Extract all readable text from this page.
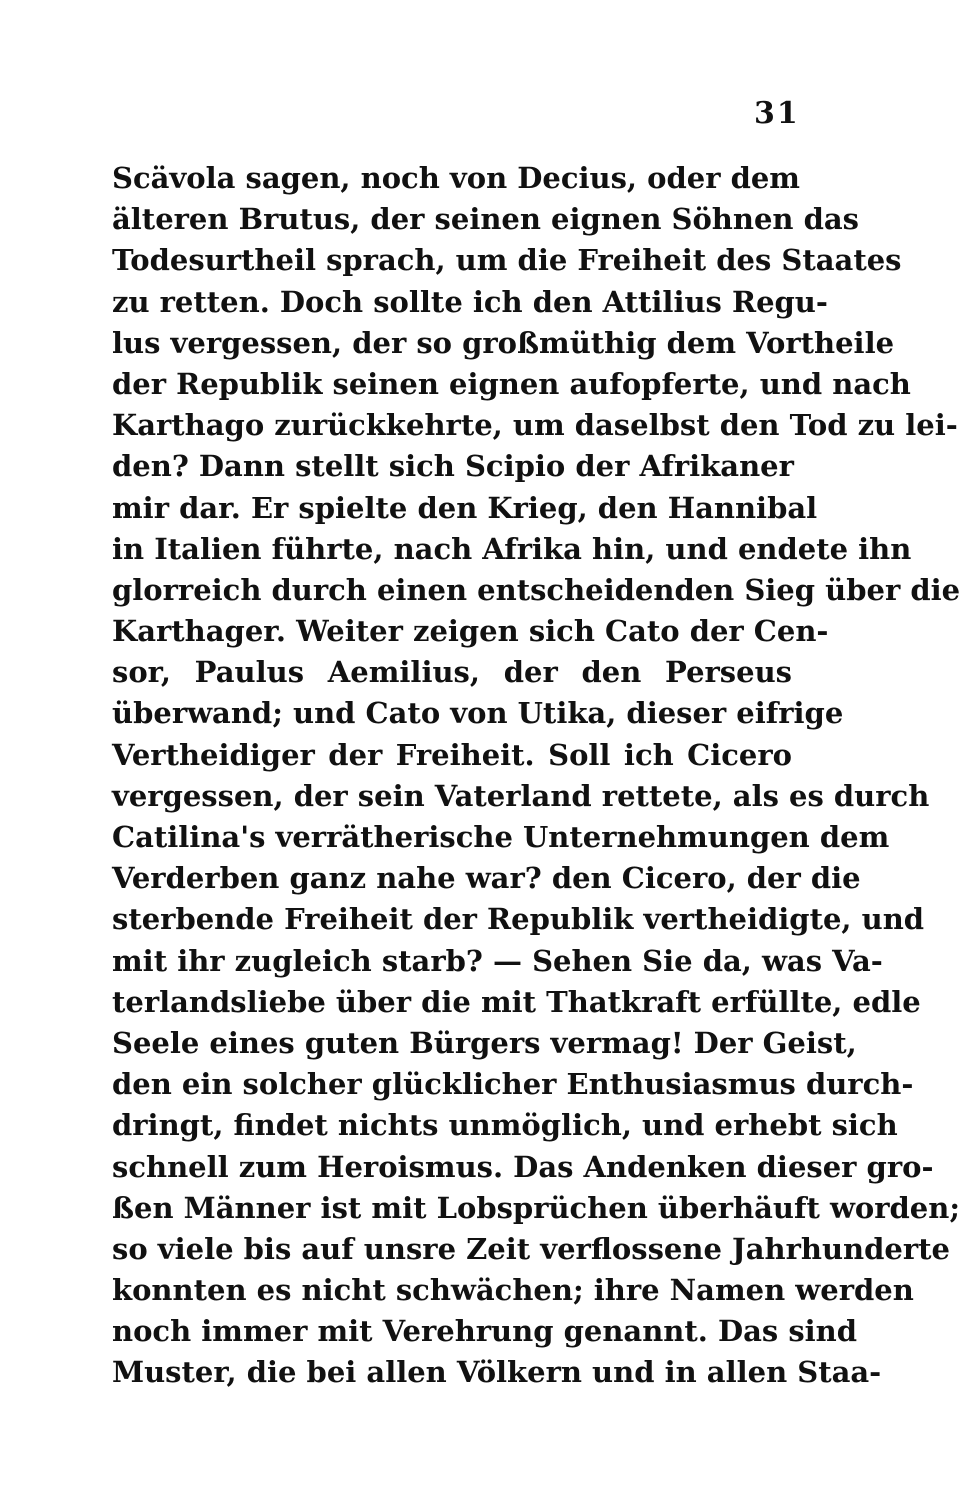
31
Scävola sagen, noch von Decius, oder dem
älteren Brutus, der seinen eignen Söhnen das
Todesurtheil sprach, um die Freiheit des Staates
zu retten. Doch sollte ich den Attilius Regu-
lus vergessen, der so großmüthig dem Vortheile
der Republik seinen eignen aufopferte, und nach
Karthago zurückkehrte, um daselbst den Tod zu lei-
den? Dann stellt sich Scipio der Afrikaner
mir dar. Er spielte den Krieg, den Hannibal
in Italien führte, nach Afrika hin, und endete ihn
glorreich durch einen entscheidenden Sieg über die
Karthager. Weiter zeigen sich Cato der Cen-
sor, Paulus Aemilius, der den Perseus
überwand; und Cato von Utika, dieser eifrige
Vertheidiger der Freiheit. Soll ich Cicero
vergessen, der sein Vaterland rettete, als es durch
Catilina's verrätherische Unternehmungen dem
Verderben ganz nahe war? den Cicero, der die
sterbende Freiheit der Republik vertheidigte, und
mit ihr zugleich starb? — Sehen Sie da, was Va-
terlandsliebe über die mit Thatkraft erfüllte, edle
Seele eines guten Bürgers vermag! Der Geist,
den ein solcher glücklicher Enthusiasmus durch-
dringt, findet nichts unmöglich, und erhebt sich
schnell zum Heroismus. Das Andenken dieser gro-
ßen Männer ist mit Lobsprüchen überhäuft worden;
so viele bis auf unsre Zeit verflossene Jahrhunderte
konnten es nicht schwächen; ihre Namen werden
noch immer mit Verehrung genannt. Das sind
Muster, die bei allen Völkern und in allen Staa-
